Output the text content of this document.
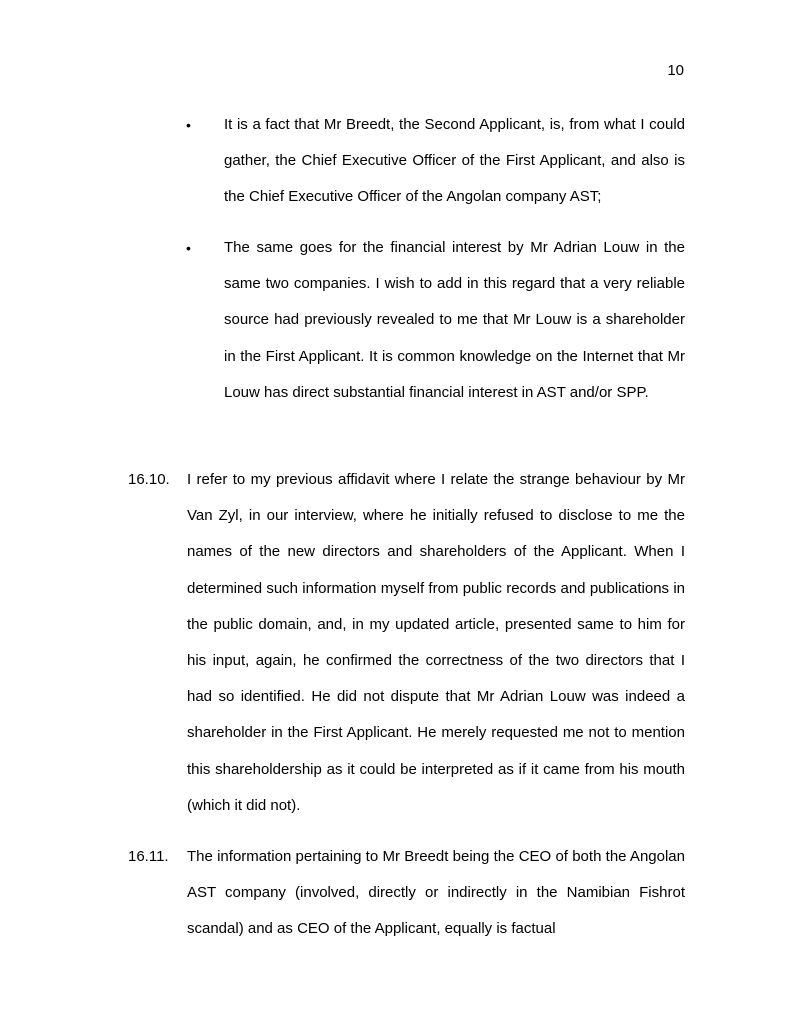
10
• It is a fact that Mr Breedt, the Second Applicant, is, from what I could gather, the Chief Executive Officer of the First Applicant, and also is the Chief Executive Officer of the Angolan company AST;
• The same goes for the financial interest by Mr Adrian Louw in the same two companies. I wish to add in this regard that a very reliable source had previously revealed to me that Mr Louw is a shareholder in the First Applicant. It is common knowledge on the Internet that Mr Louw has direct substantial financial interest in AST and/or SPP.
16.10. I refer to my previous affidavit where I relate the strange behaviour by Mr Van Zyl, in our interview, where he initially refused to disclose to me the names of the new directors and shareholders of the Applicant. When I determined such information myself from public records and publications in the public domain, and, in my updated article, presented same to him for his input, again, he confirmed the correctness of the two directors that I had so identified. He did not dispute that Mr Adrian Louw was indeed a shareholder in the First Applicant. He merely requested me not to mention this shareholdership as it could be interpreted as if it came from his mouth (which it did not).
16.11. The information pertaining to Mr Breedt being the CEO of both the Angolan AST company (involved, directly or indirectly in the Namibian Fishrot scandal) and as CEO of the Applicant, equally is factual
